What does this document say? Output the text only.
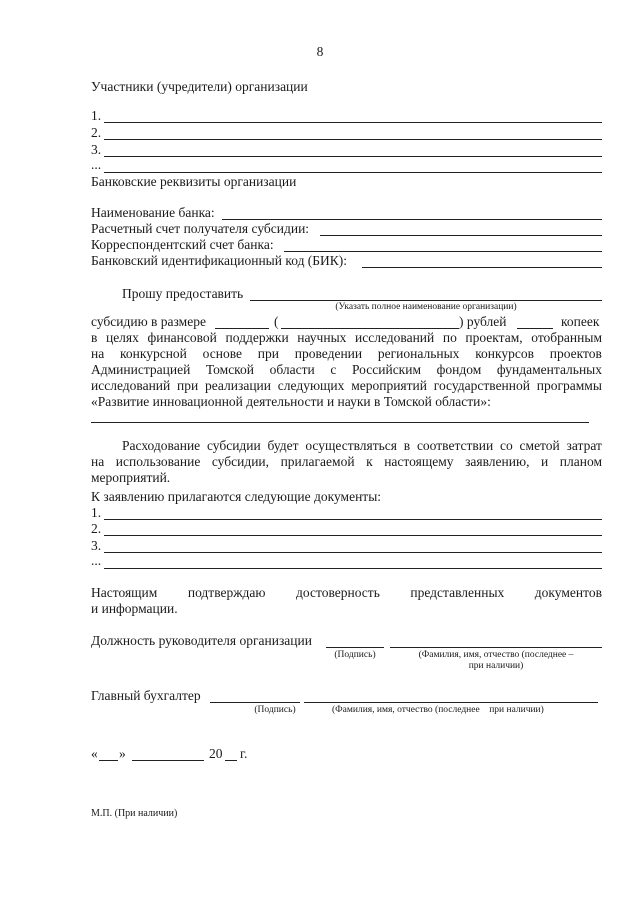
8
Участники (учредители) организации
1.
2.
3.
...
Банковские реквизиты организации
Наименование банка:
Расчетный счет получателя субсидии:
Корреспондентский счет банка:
Банковский идентификационный код (БИК):
Прошу предоставить
(Указать полное наименование организации)
субсидию в размере	(	) рублей	копеек
в целях финансовой поддержки научных исследований по проектам, отобранным
на конкурсной основе при проведении региональных конкурсов проектов
Администрацией Томской области с Российским фондом фундаментальных
исследований при реализации следующих мероприятий государственной программы
«Развитие инновационной деятельности и науки в Томской области»:
Расходование субсидии будет осуществляться в соответствии со сметой затрат
на использование субсидии, прилагаемой к настоящему заявлению, и планом
мероприятий.
К заявлению прилагаются следующие документы:
1.
2.
3.
...
Настоящим подтверждаю достоверность представленных документов
и информации.
Должность руководителя организации
(Подпись)	(Фамилия, имя, отчество (последнее –
при наличии)
Главный бухгалтер
(Подпись)	(Фамилия, имя, отчество (последнее    при наличии)
« »	20 г.
М.П. (При наличии)
